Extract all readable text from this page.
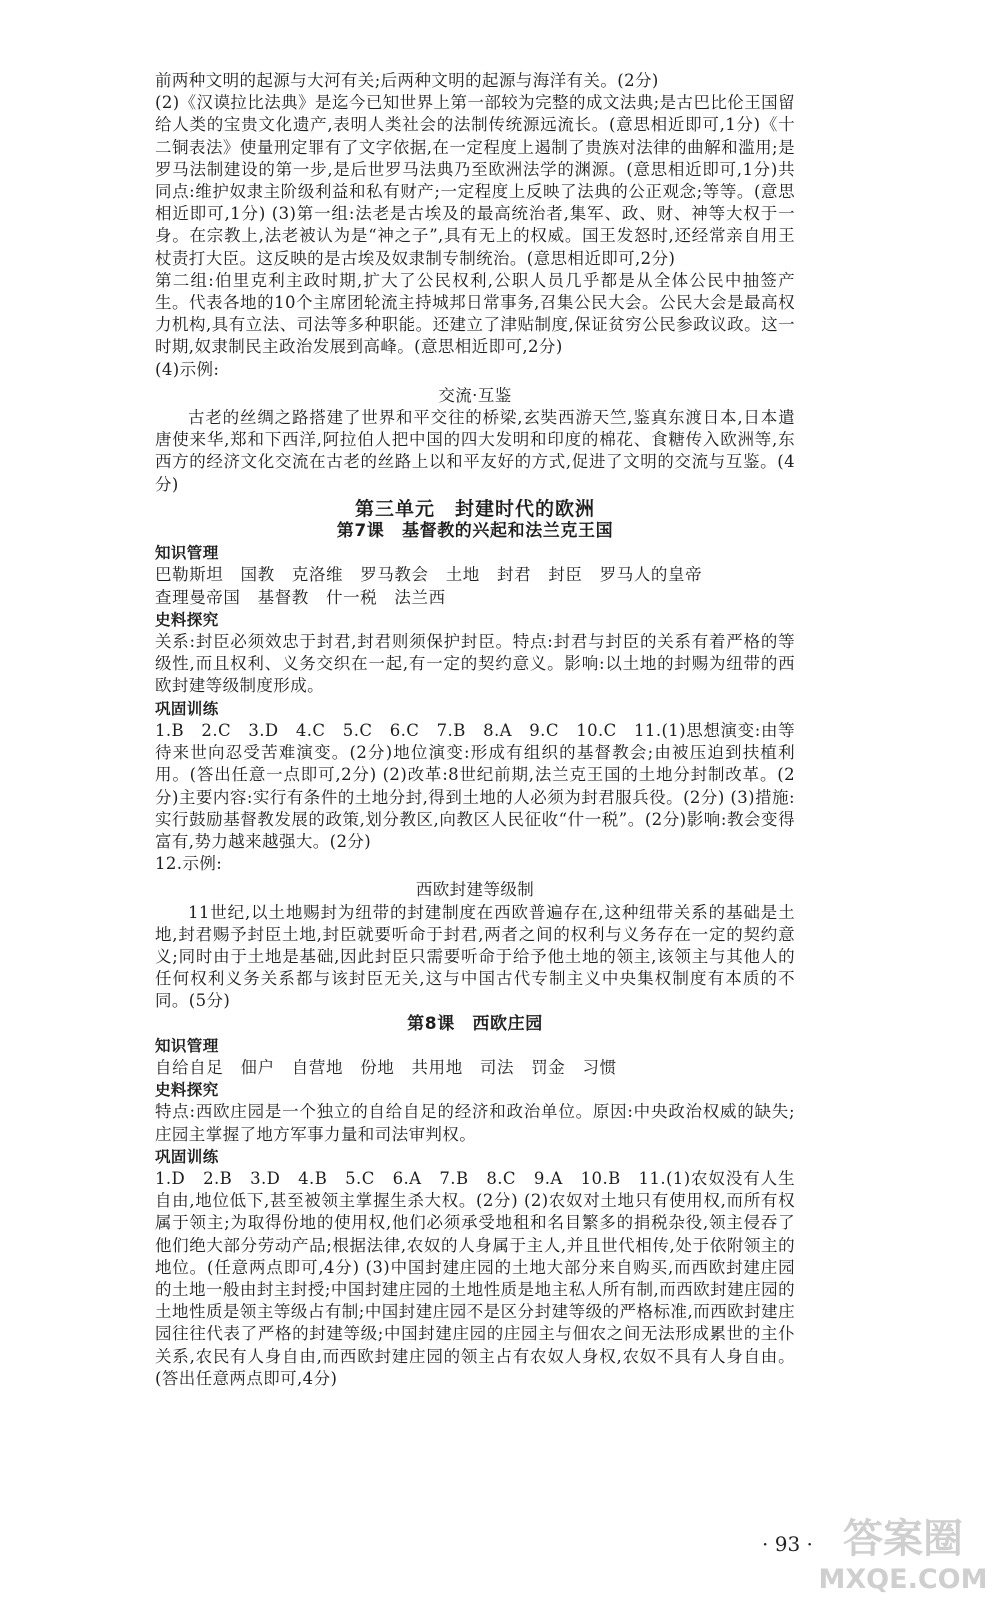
前两种文明的起源与大河有关;后两种文明的起源与海洋有关。(2分)

(2)《汉谟拉比法典》是迄今已知世界上第一部较为完整的成文法典;是古巴比伦王国留给人类的宝贵文化遗产,表明人类社会的法制传统源远流长。(意思相近即可,1分)《十二铜表法》使量刑定罪有了文字依据,在一定程度上遏制了贵族对法律的曲解和滥用;是罗马法制建设的第一步,是后世罗马法典乃至欧洲法学的渊源。(意思相近即可,1分)共同点:维护奴隶主阶级利益和私有财产;一定程度上反映了法典的公正观念;等等。(意思相近即可,1分) (3)第一组:法老是古埃及的最高统治者,集军、政、财、神等大权于一身。在宗教上,法老被认为是“神之子”,具有无上的权威。国王发怒时,还经常亲自用王杖责打大臣。这反映的是古埃及奴隶制专制统治。(意思相近即可,2分)

第二组:伯里克利主政时期,扩大了公民权利,公职人员几乎都是从全体公民中抽签产生。代表各地的10个主席团轮流主持城邦日常事务,召集公民大会。公民大会是最高权力机构,具有立法、司法等多种职能。还建立了津贴制度,保证贫穷公民参政议政。这一时期,奴隶制民主政治发展到高峰。(意思相近即可,2分)

(4)示例:

交流·互鉴

古老的丝绸之路搭建了世界和平交往的桥梁,玄奘西游天竺,鉴真东渡日本,日本遣唐使来华,郑和下西洋,阿拉伯人把中国的四大发明和印度的棉花、食糖传入欧洲等,东西方的经济文化交流在古老的丝路上以和平友好的方式,促进了文明的交流与互鉴。(4分)

第三单元　封建时代的欧洲

第7课　基督教的兴起和法兰克王国

知识管理

巴勒斯坦　国教　克洛维　罗马教会　土地　封君　封臣　罗马人的皇帝

查理曼帝国　基督教　什一税　法兰西

史料探究

关系:封臣必须效忠于封君,封君则须保护封臣。特点:封君与封臣的关系有着严格的等级性,而且权利、义务交织在一起,有一定的契约意义。影响:以土地的封赐为纽带的西欧封建等级制度形成。

巩固训练

1.B　2.C　3.D　4.C　5.C　6.C　7.B　8.A　9.C　10.C　11.(1)思想演变:由等待来世向忍受苦难演变。(2分)地位演变:形成有组织的基督教会;由被压迫到扶植利用。(答出任意一点即可,2分) (2)改革:8世纪前期,法兰克王国的土地分封制改革。(2分)主要内容:实行有条件的土地分封,得到土地的人必须为封君服兵役。(2分) (3)措施:实行鼓励基督教发展的政策,划分教区,向教区人民征收“什一税”。(2分)影响:教会变得富有,势力越来越强大。(2分)

12.示例:

西欧封建等级制

11世纪,以土地赐封为纽带的封建制度在西欧普遍存在,这种纽带关系的基础是土地,封君赐予封臣土地,封臣就要听命于封君,两者之间的权利与义务存在一定的契约意义;同时由于土地是基础,因此封臣只需要听命于给予他土地的领主,该领主与其他人的任何权利义务关系都与该封臣无关,这与中国古代专制主义中央集权制度有本质的不同。(5分)

第8课　西欧庄园

知识管理

自给自足　佃户　自营地　份地　共用地　司法　罚金　习惯

史料探究

特点:西欧庄园是一个独立的自给自足的经济和政治单位。原因:中央政治权威的缺失;庄园主掌握了地方军事力量和司法审判权。

巩固训练

1.D　2.B　3.D　4.B　5.C　6.A　7.B　8.C　9.A　10.B　11.(1)农奴没有人生自由,地位低下,甚至被领主掌握生杀大权。(2分) (2)农奴对土地只有使用权,而所有权属于领主;为取得份地的使用权,他们必须承受地租和名目繁多的捐税杂役,领主侵吞了他们绝大部分劳动产品;根据法律,农奴的人身属于主人,并且世代相传,处于依附领主的地位。(任意两点即可,4分) (3)中国封建庄园的土地大部分来自购买,而西欧封建庄园的土地一般由封主封授;中国封建庄园的土地性质是地主私人所有制,而西欧封建庄园的土地性质是领主等级占有制;中国封建庄园不是区分封建等级的严格标准,而西欧封建庄园往往代表了严格的封建等级;中国封建庄园的庄园主与佃农之间无法形成累世的主仆关系,农民有人身自由,而西欧封建庄园的领主占有农奴人身权,农奴不具有人身自由。(答出任意两点即可,4分)

· 93 · 答案圈
MXQE.COM
